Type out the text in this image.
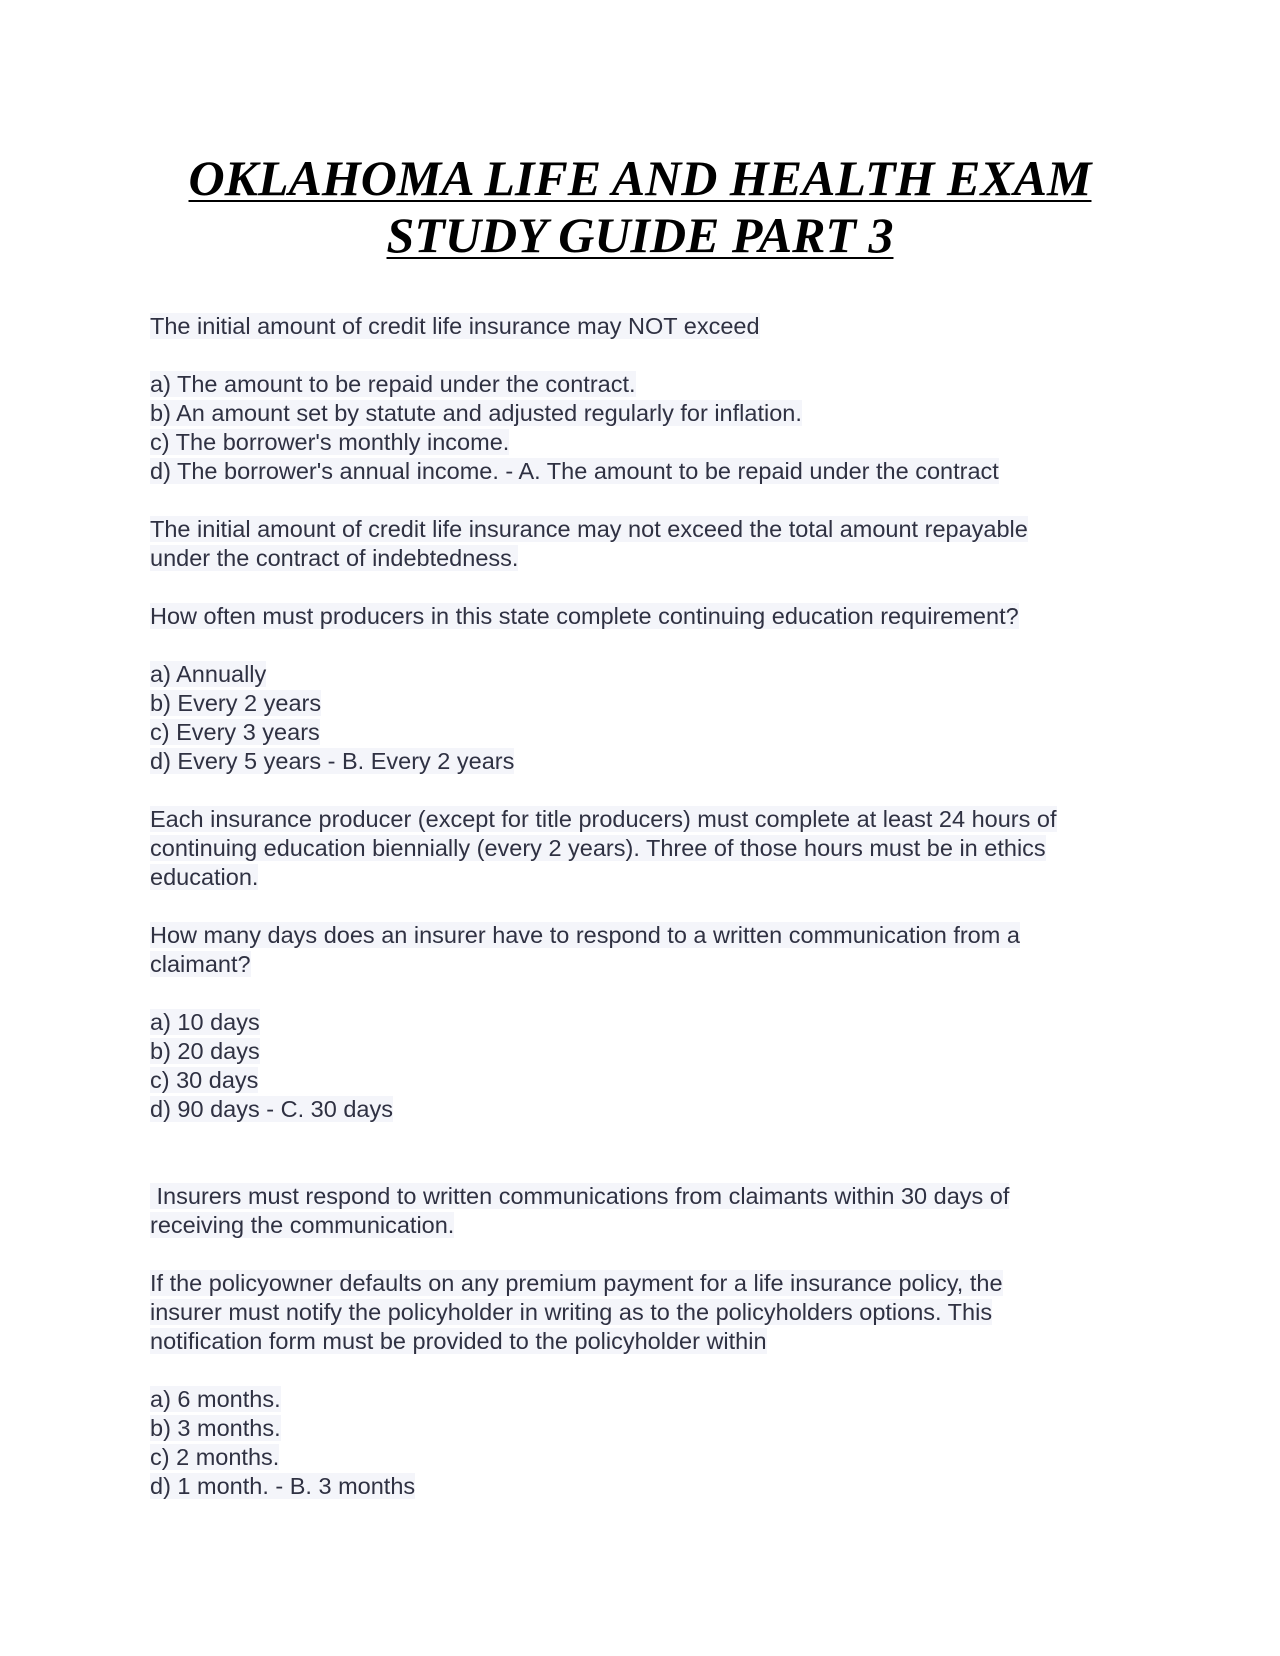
OKLAHOMA LIFE AND HEALTH EXAM
STUDY GUIDE PART 3
The initial amount of credit life insurance may NOT exceed
a) The amount to be repaid under the contract.
b) An amount set by statute and adjusted regularly for inflation.
c) The borrower's monthly income.
d) The borrower's annual income. - A. The amount to be repaid under the contract
The initial amount of credit life insurance may not exceed the total amount repayable
under the contract of indebtedness.
How often must producers in this state complete continuing education requirement?
a) Annually
b) Every 2 years
c) Every 3 years
d) Every 5 years - B. Every 2 years
Each insurance producer (except for title producers) must complete at least 24 hours of
continuing education biennially (every 2 years). Three of those hours must be in ethics
education.
How many days does an insurer have to respond to a written communication from a
claimant?
a) 10 days
b) 20 days
c) 30 days
d) 90 days - C. 30 days
Insurers must respond to written communications from claimants within 30 days of
receiving the communication.
If the policyowner defaults on any premium payment for a life insurance policy, the
insurer must notify the policyholder in writing as to the policyholders options. This
notification form must be provided to the policyholder within
a) 6 months.
b) 3 months.
c) 2 months.
d) 1 month. - B. 3 months
